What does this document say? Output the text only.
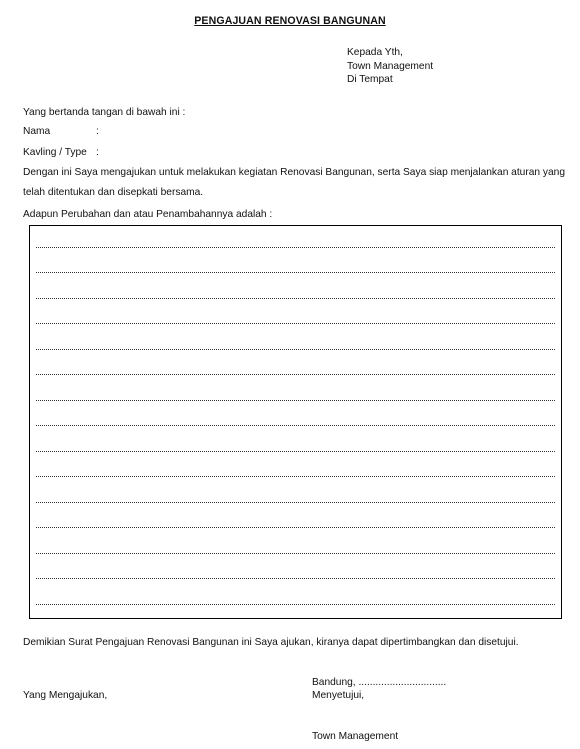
PENGAJUAN RENOVASI BANGUNAN
Kepada Yth,
Town Management
Di Tempat
Yang bertanda tangan di bawah ini :
Nama	:
Kavling / Type :
Dengan ini Saya mengajukan untuk melakukan kegiatan Renovasi Bangunan, serta Saya siap menjalankan aturan yang
telah ditentukan dan disepkati bersama.
Adapun Perubahan dan atau Penambahannya adalah :
Demikian Surat Pengajuan Renovasi Bangunan ini Saya ajukan, kiranya dapat dipertimbangkan dan disetujui.
Bandung, ...............................
Yang Mengajukan,	Menyetujui,
Town Management
